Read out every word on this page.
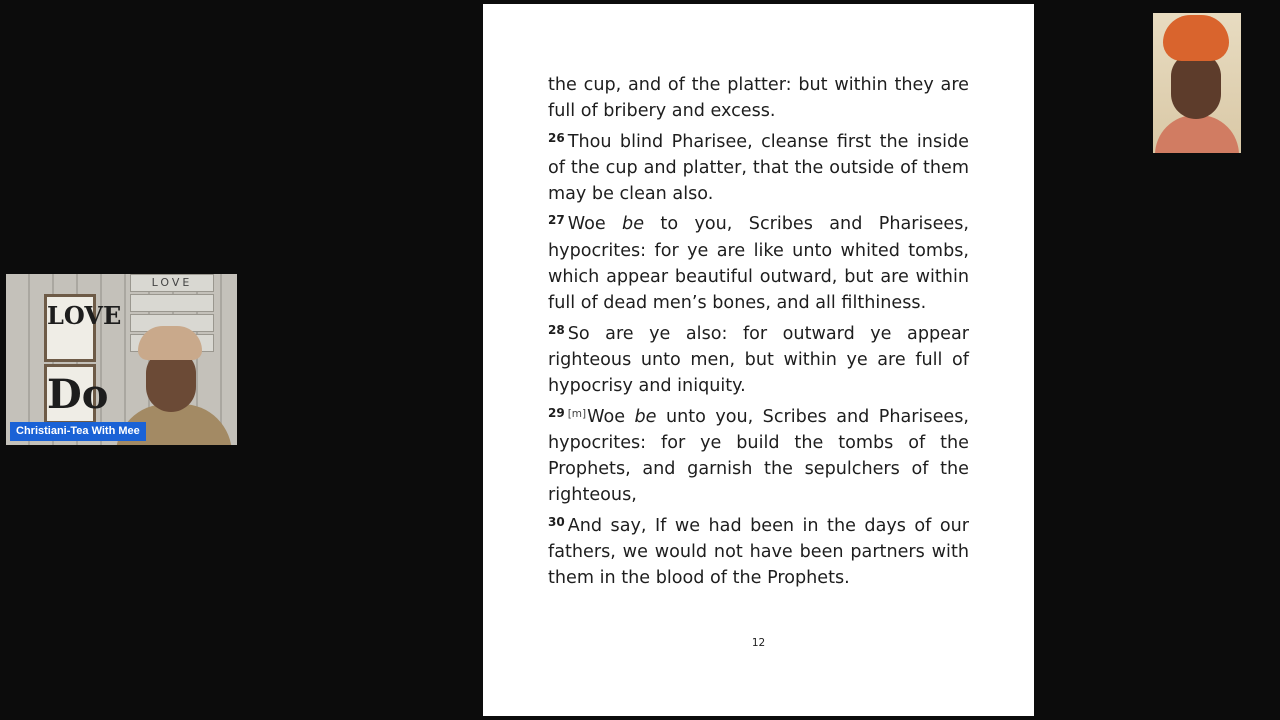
the cup, and of the platter: but within they are full of bribery and excess.

$^{26}$ Thou blind Pharisee, cleanse first the inside of the cup and platter, that the outside of them may be clean also.

$^{27}$ Woe be to you, Scribes and Pharisees, hypocrites: for ye are like unto whited tombs, which appear beautiful outward, but are within full of dead men’s bones, and all filthiness.

$^{28}$ So are ye also: for outward ye appear righteous unto men, but within ye are full of hypocrisy and iniquity.

$^{29}$ [m]Woe be unto you, Scribes and Pharisees, hypocrites: for ye build the tombs of the Prophets, and garnish the sepulchers of the righteous,

$^{30}$ And say, If we had been in the days of our fathers, we would not have been partners with them in the blood of the Prophets.

12
LOVE
Do
LOVE
Christiani-Tea With Mee
